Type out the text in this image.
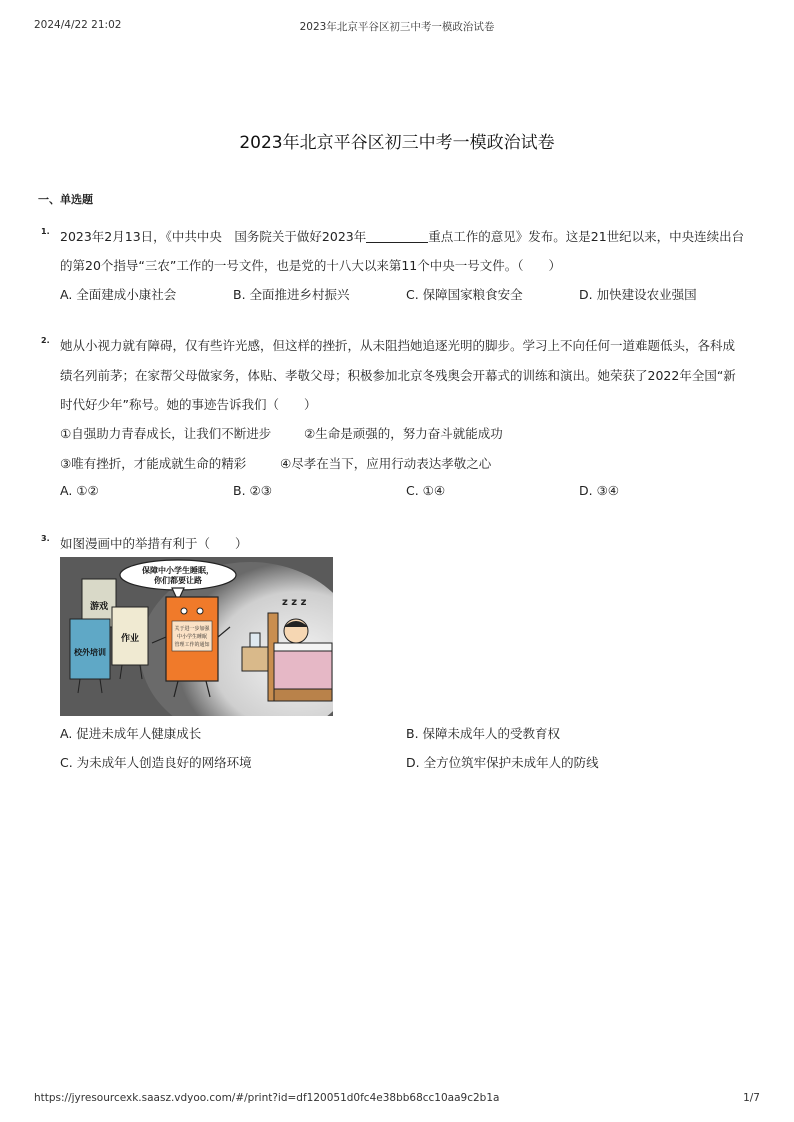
2024/4/22 21:02	2023年北京平谷区初三中考一模政治试卷
2023年北京平谷区初三中考一模政治试卷
一、单选题
1. 2023年2月13日，《中共中央　国务院关于做好2023年	重点工作的意见》发布。这是21世纪以来，中央连续出台
的第20个指导“三农”工作的一号文件，也是党的十八大以来第11个中央一号文件。（　　）
A. 全面建成小康社会	B. 全面推进乡村振兴	C. 保障国家粮食安全	D. 加快建设农业强国
2. 她从小视力就有障碍，仅有些许光感，但这样的挫折，从未阻挡她追逐光明的脚步。学习上不向任何一道难题低头，各科成
绩名列前茅；在家帮父母做家务，体贴、孝敬父母；积极参加北京冬残奥会开幕式的训练和演出。她荣获了2022年全国“新
时代好少年”称号。她的事迹告诉我们（　　）
①自强助力青春成长，让我们不断进步	②生命是顽强的，努力奋斗就能成功
③唯有挫折，才能成就生命的精彩	④尽孝在当下，应用行动表达孝敬之心
A. ①②	B. ②③	C. ①④	D. ③④
3. 如图漫画中的举措有利于（　　）
保障中小学生睡眠，
你们都要让路
游戏
校外培训
作业
关于进一步加强
中小学生睡眠
管理工作的通知
z z z
A. 促进未成年人健康成长	B. 保障未成年人的受教育权
C. 为未成年人创造良好的网络环境	D. 全方位筑牢保护未成年人的防线
https://jyresourcexk.saasz.vdyoo.com/#/print?id=df120051d0fc4e38bb68cc10aa9c2b1a	1/7
